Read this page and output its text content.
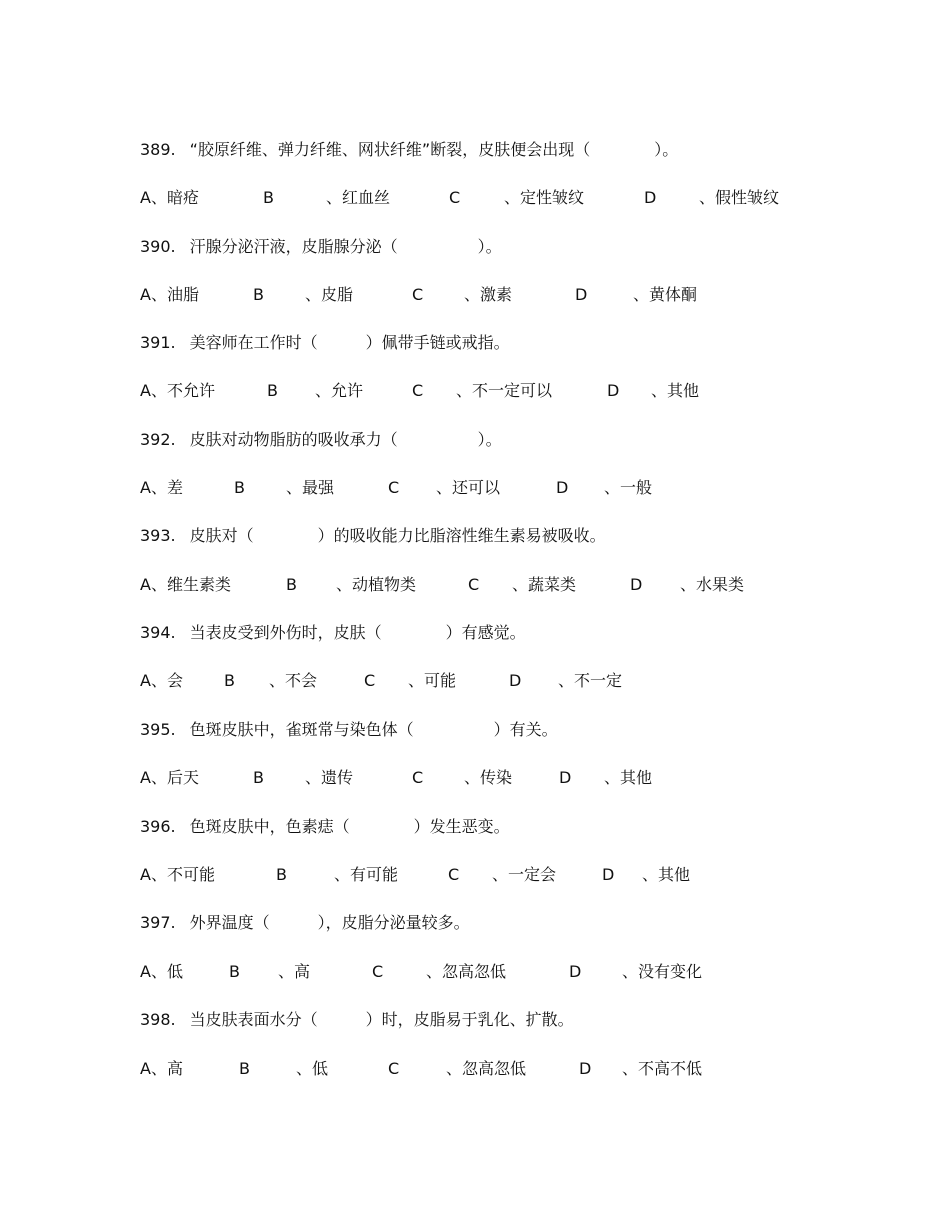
389. “胶原纤维、弹力纤维、网状纤维”断裂，皮肤便会出现（　　　　）。
A、暗疮	B	、红血丝	C	、定性皱纹	D	、假性皱纹
390. 汗腺分泌汗液，皮脂腺分泌（　　　　　）。
A、油脂	B	、皮脂	C	、激素	D	、黄体酮
391. 美容师在工作时（　　　）佩带手链或戒指。
A、不允许	B 、允许	C 、不一定可以	D 、其他
392. 皮肤对动物脂肪的吸收承力（　　　　　）。
A、差	B	、最强	C 、还可以	D 、一般
393. 皮肤对（　　　　）的吸收能力比脂溶性维生素易被吸收。
A、维生素类	B 、动植物类	C 、蔬菜类	D 、水果类
394. 当表皮受到外伤时，皮肤（　　　　）有感觉。
A、会	B 、不会	C 、可能	D 、不一定
395. 色斑皮肤中，雀斑常与染色体（　　　　　）有关。
A、后天	B	、遗传	C	、传染	D 、其他
396. 色斑皮肤中，色素痣（　　　　）发生恶变。
A、不可能	B	、有可能	C 、一定会	D 、其他
397. 外界温度（　　　），皮脂分泌量较多。
A、低	B 、高	C	、忽高忽低	D	、没有变化
398. 当皮肤表面水分（　　　）时，皮脂易于乳化、扩散。
A、高	B	、低	C	、忽高忽低	D 、不高不低
